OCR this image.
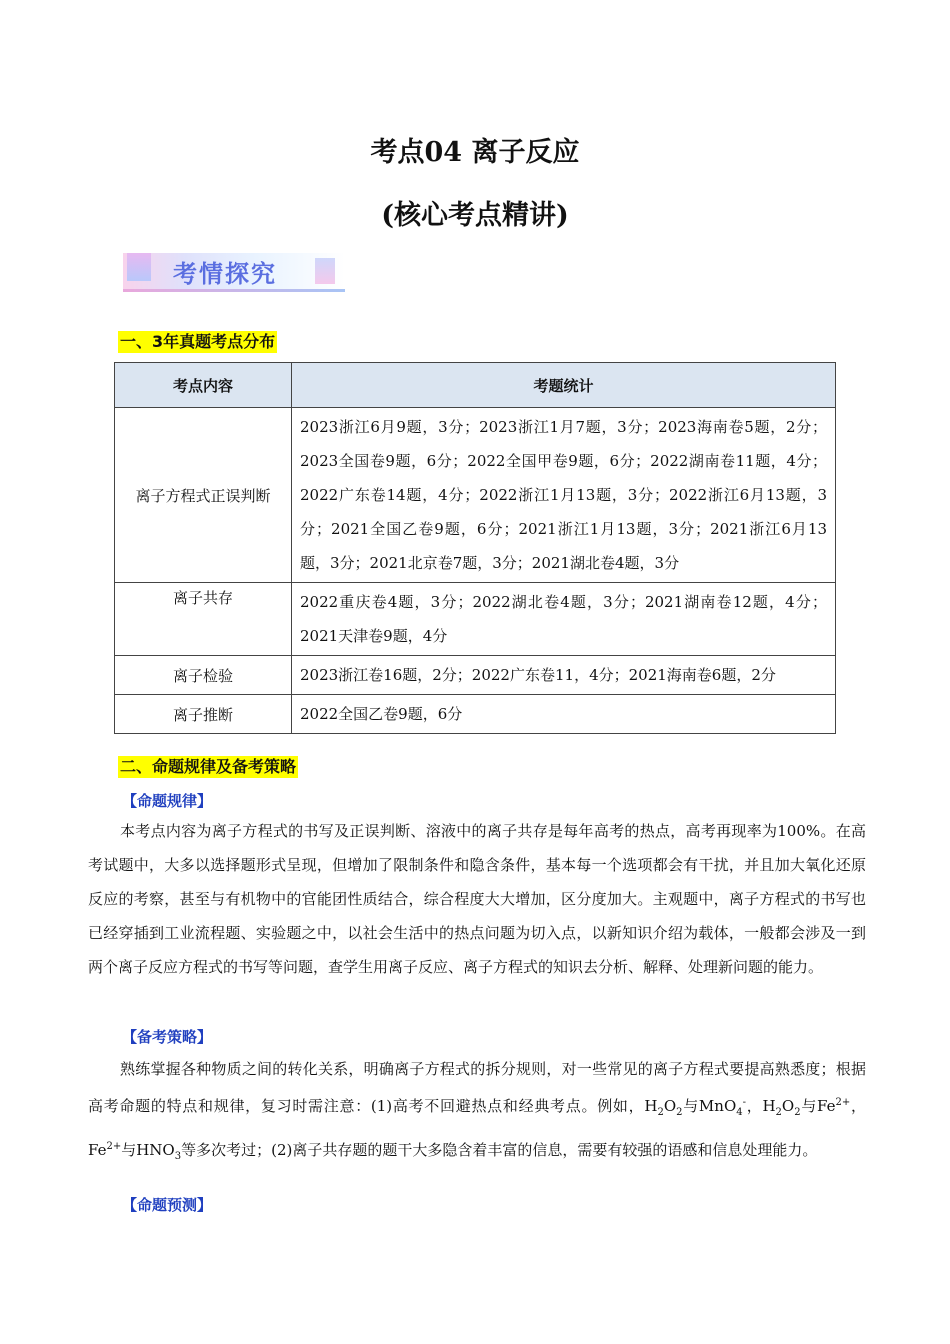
考点04 离子反应
(核心考点精讲)
考情探究
一、3年真题考点分布
考点内容	考题统计
离子方程式正误判断	2023浙江6月9题，3分；2023浙江1月7题，3分；2023海南卷5题，2分；2023全国卷9题，6分；2022全国甲卷9题，6分；2022湖南卷11题，4分；2022广东卷14题，4分；2022浙江1月13题，3分；2022浙江6月13题，3分；2021全国乙卷9题，6分；2021浙江1月13题，3分；2021浙江6月13题，3分；2021北京卷7题，3分；2021湖北卷4题，3分
离子共存	2022重庆卷4题，3分；2022湖北卷4题，3分；2021湖南卷12题，4分；2021天津卷9题，4分
离子检验	2023浙江卷16题，2分；2022广东卷11，4分；2021海南卷6题，2分
离子推断	2022全国乙卷9题，6分
二、命题规律及备考策略
【命题规律】
本考点内容为离子方程式的书写及正误判断、溶液中的离子共存是每年高考的热点，高考再现率为100%。在高考试题中，大多以选择题形式呈现，但增加了限制条件和隐含条件，基本每一个选项都会有干扰，并且加大氧化还原反应的考察，甚至与有机物中的官能团性质结合，综合程度大大增加，区分度加大。主观题中，离子方程式的书写也已经穿插到工业流程题、实验题之中，以社会生活中的热点问题为切入点，以新知识介绍为载体，一般都会涉及一到两个离子反应方程式的书写等问题，查学生用离子反应、离子方程式的知识去分析、解释、处理新问题的能力。
【备考策略】
熟练掌握各种物质之间的转化关系，明确离子方程式的拆分规则，对一些常见的离子方程式要提高熟悉度；根据高考命题的特点和规律，复习时需注意：(1)高考不回避热点和经典考点。例如，$H_2O_2$与MnO$_4$-，$H_2O_2$与$Fe^{2+}$，$Fe^{2+}$与$HNO_3$等多次考过；(2)离子共存题的题干大多隐含着丰富的信息，需要有较强的语感和信息处理能力。
【命题预测】
